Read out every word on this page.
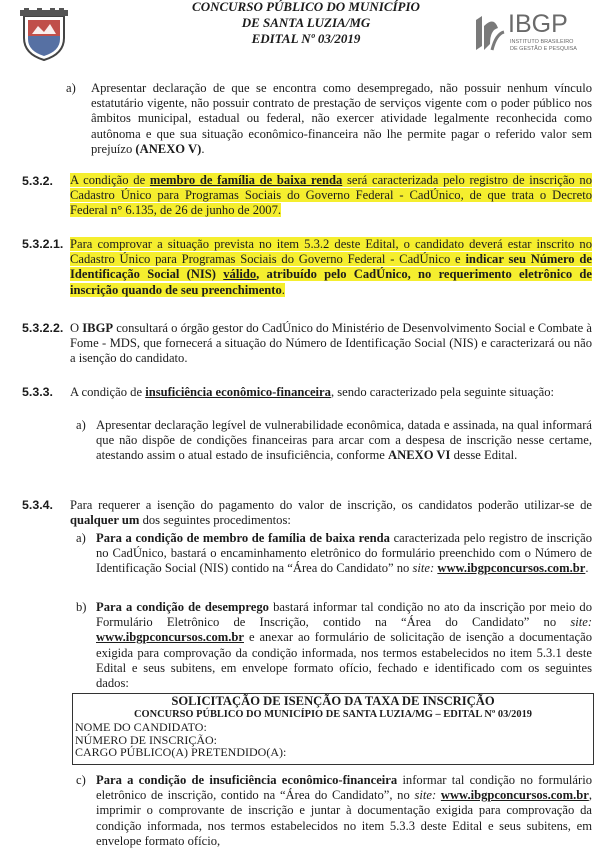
CONCURSO PÚBLICO DO MUNICÍPIO
DE SANTA LUZIA/MG
EDITAL Nº 03/2019
IBGP
INSTITUTO BRASILEIRO
DE GESTÃO E PESQUISA
a) Apresentar declaração de que se encontra como desempregado, não possuir nenhum vínculo estatutário vigente, não possuir contrato de prestação de serviços vigente com o poder público nos âmbitos municipal, estadual ou federal, não exercer atividade legalmente reconhecida como autônoma e que sua situação econômico-financeira não lhe permite pagar o referido valor sem prejuízo (ANEXO V).
5.3.2. A condição de membro de família de baixa renda será caracterizada pelo registro de inscrição no Cadastro Único para Programas Sociais do Governo Federal - CadÚnico, de que trata o Decreto Federal n° 6.135, de 26 de junho de 2007.
5.3.2.1. Para comprovar a situação prevista no item 5.3.2 deste Edital, o candidato deverá estar inscrito no Cadastro Único para Programas Sociais do Governo Federal - CadÚnico e indicar seu Número de Identificação Social (NIS) válido, atribuído pelo CadÚnico, no requerimento eletrônico de inscrição quando de seu preenchimento.
5.3.2.2. O IBGP consultará o órgão gestor do CadÚnico do Ministério de Desenvolvimento Social e Combate à Fome - MDS, que fornecerá a situação do Número de Identificação Social (NIS) e caracterizará ou não a isenção do candidato.
5.3.3. A condição de insuficiência econômico-financeira, sendo caracterizado pela seguinte situação:
a) Apresentar declaração legível de vulnerabilidade econômica, datada e assinada, na qual informará que não dispõe de condições financeiras para arcar com a despesa de inscrição nesse certame, atestando assim o atual estado de insuficiência, conforme ANEXO VI desse Edital.
5.3.4. Para requerer a isenção do pagamento do valor de inscrição, os candidatos poderão utilizar-se de qualquer um dos seguintes procedimentos:
a) Para a condição de membro de família de baixa renda caracterizada pelo registro de inscrição no CadÚnico, bastará o encaminhamento eletrônico do formulário preenchido com o Número de Identificação Social (NIS) contido na “Área do Candidato” no site: www.ibgpconcursos.com.br.
b) Para a condição de desemprego bastará informar tal condição no ato da inscrição por meio do Formulário Eletrônico de Inscrição, contido na “Área do Candidato” no site: www.ibgpconcursos.com.br e anexar ao formulário de solicitação de isenção a documentação exigida para comprovação da condição informada, nos termos estabelecidos no item 5.3.1 deste Edital e seus subitens, em envelope formato ofício, fechado e identificado com os seguintes dados:
SOLICITAÇÃO DE ISENÇÃO DA TAXA DE INSCRIÇÃO
CONCURSO PÚBLICO DO MUNICÍPIO DE SANTA LUZIA/MG – EDITAL Nº 03/2019
NOME DO CANDIDATO:
NÚMERO DE INSCRIÇÃO:
CARGO PÚBLICO(A) PRETENDIDO(A):
c) Para a condição de insuficiência econômico-financeira informar tal condição no formulário eletrônico de inscrição, contido na “Área do Candidato”, no site: www.ibgpconcursos.com.br, imprimir o comprovante de inscrição e juntar à documentação exigida para comprovação da condição informada, nos termos estabelecidos no item 5.3.3 deste Edital e seus subitens, em envelope formato ofício,
